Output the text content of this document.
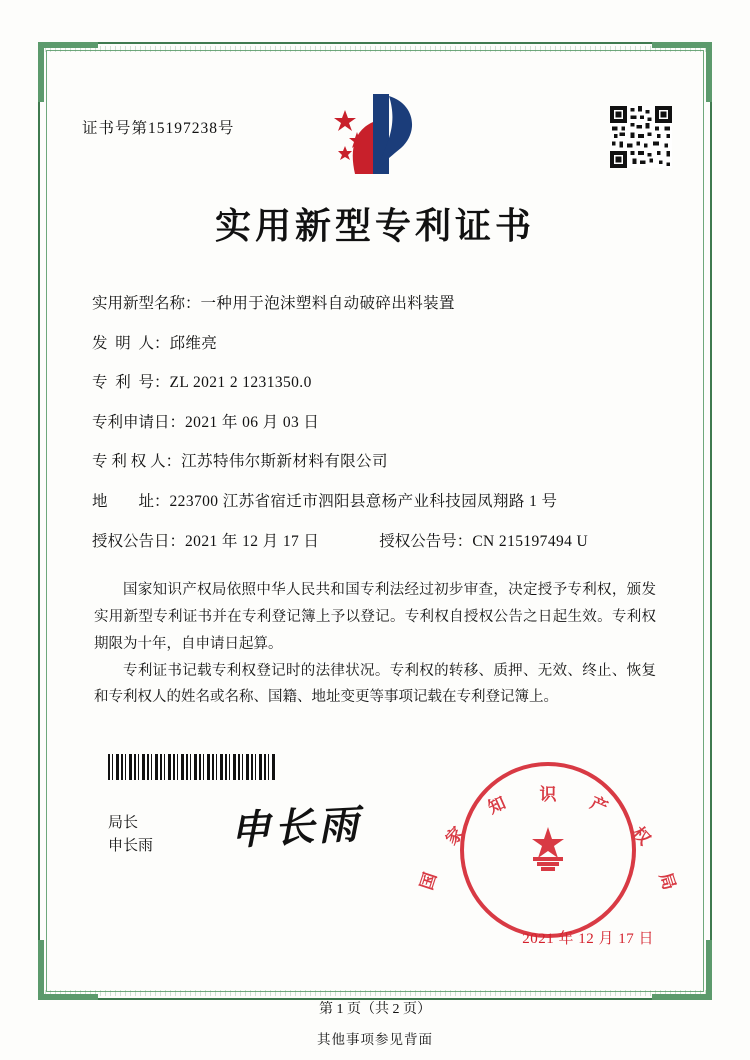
证书号第15197238号
实用新型专利证书
实用新型名称： 一种用于泡沫塑料自动破碎出料装置
发  明  人： 邱维亮
专  利  号： ZL 2021 2 1231350.0
专利申请日： 2021 年 06 月 03 日
专 利 权 人： 江苏特伟尔斯新材料有限公司
地        址： 223700 江苏省宿迁市泗阳县意杨产业科技园凤翔路 1 号
授权公告日： 2021 年 12 月 17 日	授权公告号： CN 215197494 U

国家知识产权局依照中华人民共和国专利法经过初步审查，决定授予专利权，颁发实用新型专利证书并在专利登记簿上予以登记。专利权自授权公告之日起生效。专利权期限为十年，自申请日起算。

专利证书记载专利权登记时的法律状况。专利权的转移、质押、无效、终止、恢复和专利权人的姓名或名称、国籍、地址变更等事项记载在专利登记簿上。

局长
申长雨 申长雨
国
家
知 识 产
权
局
2021 年 12 月 17 日
第 1 页（共 2 页）
其他事项参见背面
